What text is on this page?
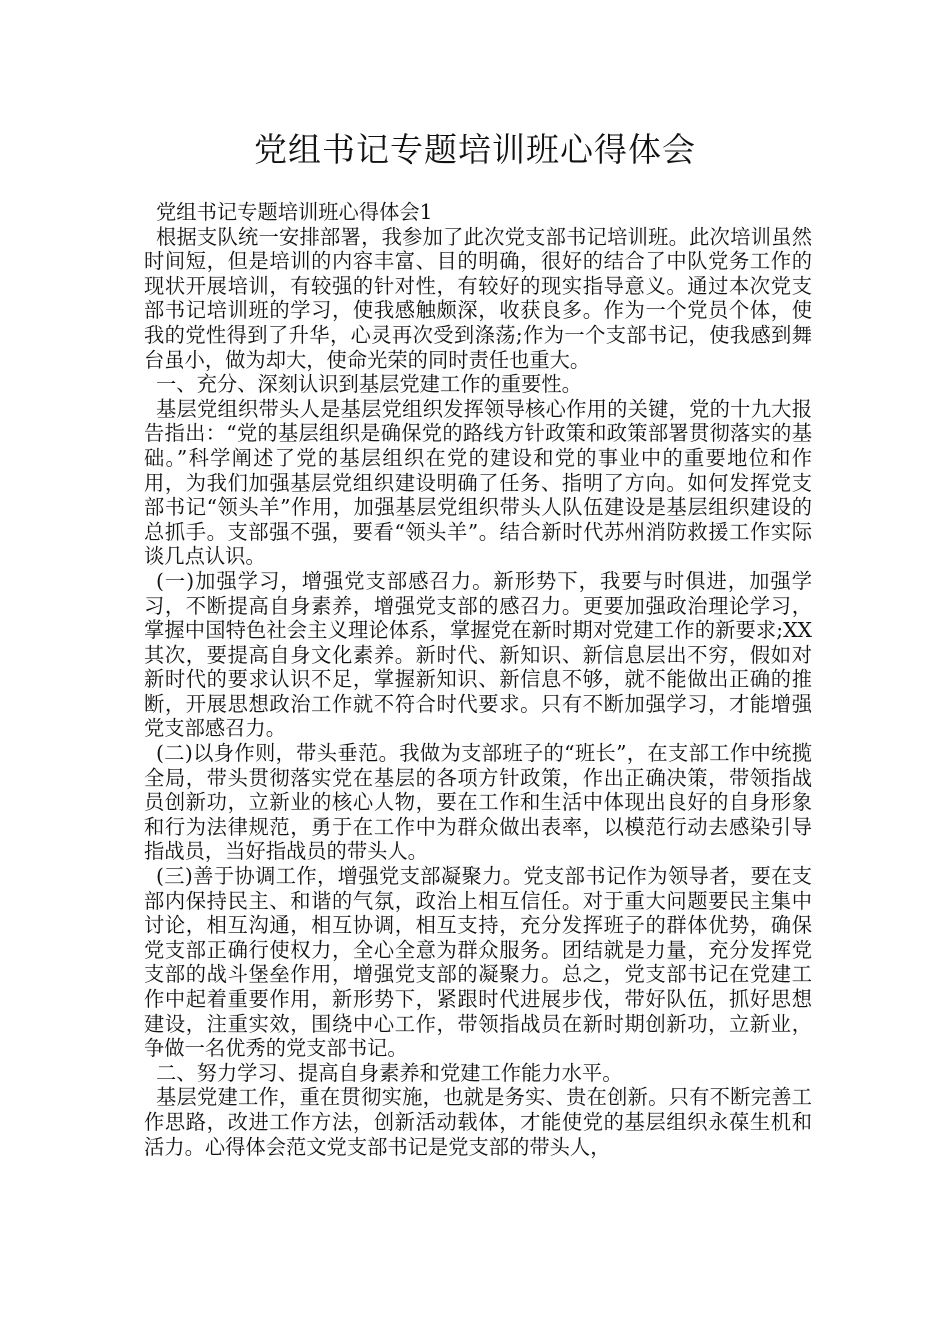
党组书记专题培训班心得体会

党组书记专题培训班心得体会1

根据支队统一安排部署，我参加了此次党支部书记培训班。此次培训虽然时间短，但是培训的内容丰富、目的明确，很好的结合了中队党务工作的现状开展培训，有较强的针对性，有较好的现实指导意义。通过本次党支部书记培训班的学习，使我感触颇深，收获良多。作为一个党员个体，使我的党性得到了升华，心灵再次受到涤荡;作为一个支部书记，使我感到舞台虽小，做为却大，使命光荣的同时责任也重大。

一、充分、深刻认识到基层党建工作的重要性。

基层党组织带头人是基层党组织发挥领导核心作用的关键，党的十九大报告指出：“党的基层组织是确保党的路线方针政策和政策部署贯彻落实的基础。”科学阐述了党的基层组织在党的建设和党的事业中的重要地位和作用，为我们加强基层党组织建设明确了任务、指明了方向。如何发挥党支部书记“领头羊”作用，加强基层党组织带头人队伍建设是基层组织建设的总抓手。支部强不强，要看“领头羊”。结合新时代苏州消防救援工作实际谈几点认识。

(一)加强学习，增强党支部感召力。新形势下，我要与时俱进，加强学习，不断提高自身素养，增强党支部的感召力。更要加强政治理论学习，掌握中国特色社会主义理论体系，掌握党在新时期对党建工作的新要求;XX其次，要提高自身文化素养。新时代、新知识、新信息层出不穷，假如对新时代的要求认识不足，掌握新知识、新信息不够，就不能做出正确的推断，开展思想政治工作就不符合时代要求。只有不断加强学习，才能增强党支部感召力。

(二)以身作则，带头垂范。我做为支部班子的“班长”，在支部工作中统揽全局，带头贯彻落实党在基层的各项方针政策，作出正确决策，带领指战员创新功，立新业的核心人物，要在工作和生活中体现出良好的自身形象和行为法律规范，勇于在工作中为群众做出表率，以模范行动去感染引导指战员，当好指战员的带头人。

(三)善于协调工作，增强党支部凝聚力。党支部书记作为领导者，要在支部内保持民主、和谐的气氛，政治上相互信任。对于重大问题要民主集中讨论，相互沟通，相互协调，相互支持，充分发挥班子的群体优势，确保党支部正确行使权力，全心全意为群众服务。团结就是力量，充分发挥党支部的战斗堡垒作用，增强党支部的凝聚力。总之，党支部书记在党建工作中起着重要作用，新形势下，紧跟时代进展步伐，带好队伍，抓好思想建设，注重实效，围绕中心工作，带领指战员在新时期创新功，立新业，争做一名优秀的党支部书记。

二、努力学习、提高自身素养和党建工作能力水平。

基层党建工作，重在贯彻实施，也就是务实、贵在创新。只有不断完善工作思路，改进工作方法，创新活动载体，才能使党的基层组织永葆生机和活力。心得体会范文党支部书记是党支部的带头人，
